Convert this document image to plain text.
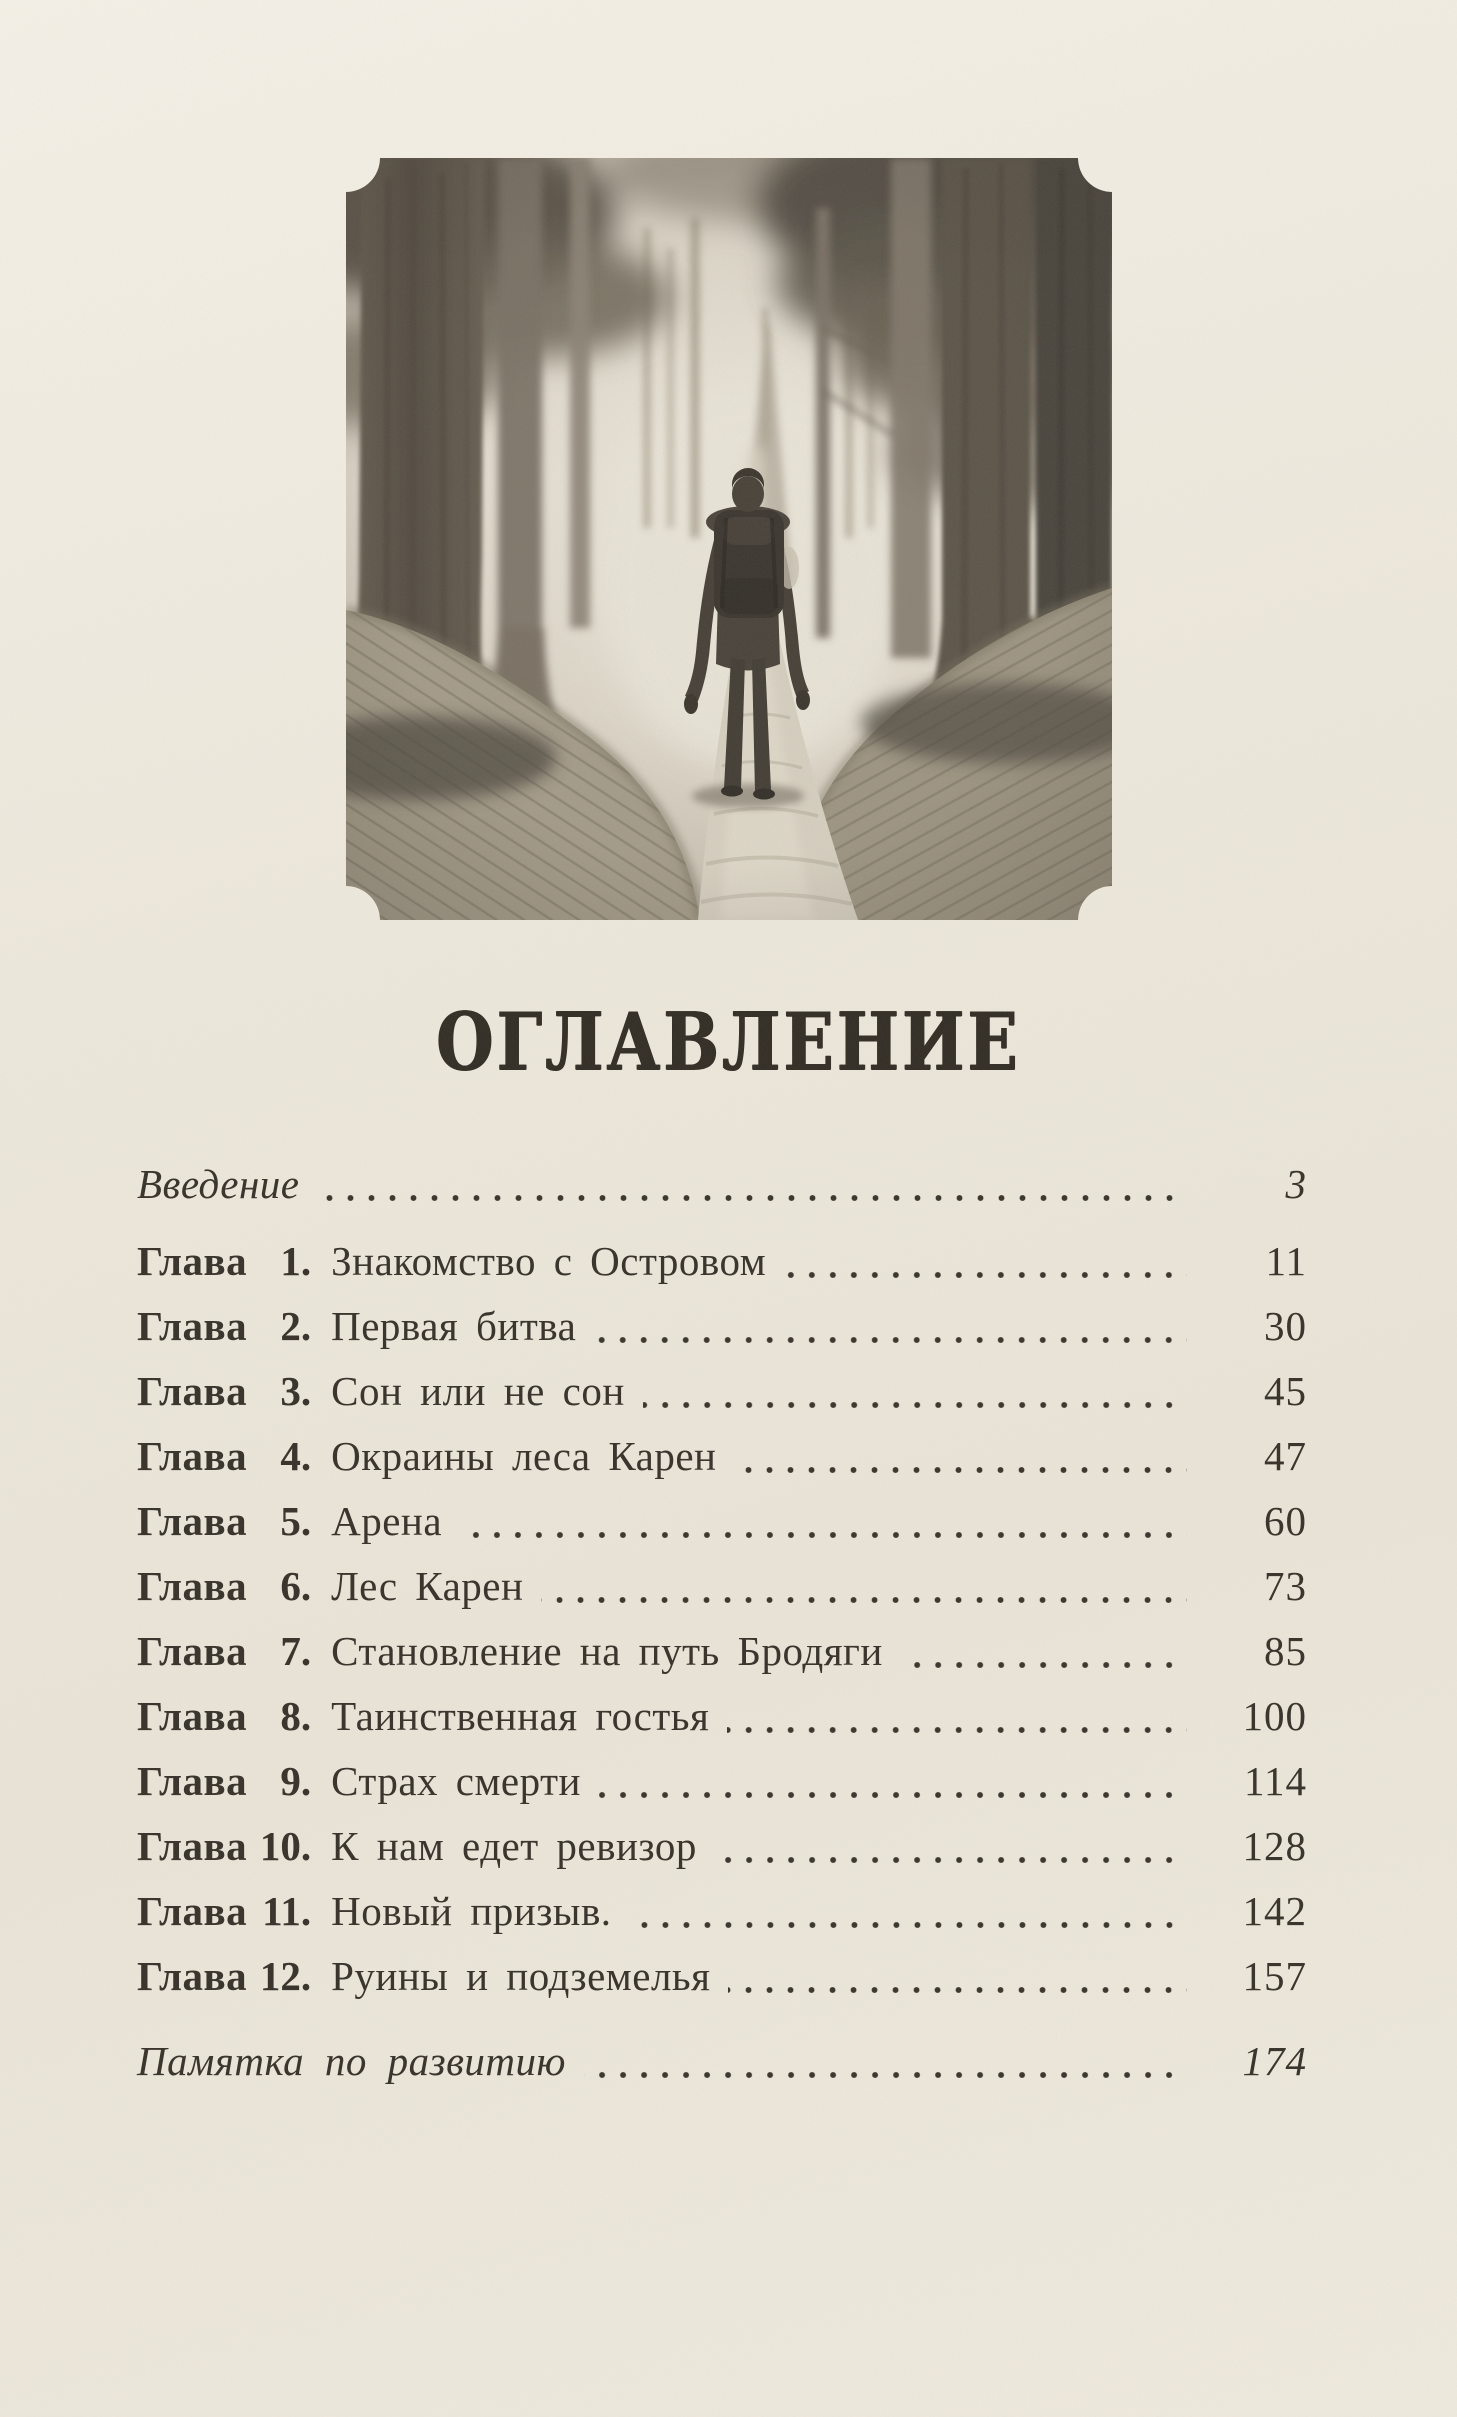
ОГЛАВЛЕНИЕ
Введение	3
Глава 1. Знакомство с Островом	11
Глава 2. Первая битва	30
Глава 3. Сон или не сон	45
Глава 4. Окраины леса Карен	47
Глава 5. Арена	60
Глава 6. Лес Карен	73
Глава 7. Становление на путь Бродяги	85
Глава 8. Таинственная гостья	100
Глава 9. Страх смерти	114
Глава 10. К нам едет ревизор	128
Глава 11. Новый призыв.	142
Глава 12. Руины и подземелья	157
Памятка по развитию	174
